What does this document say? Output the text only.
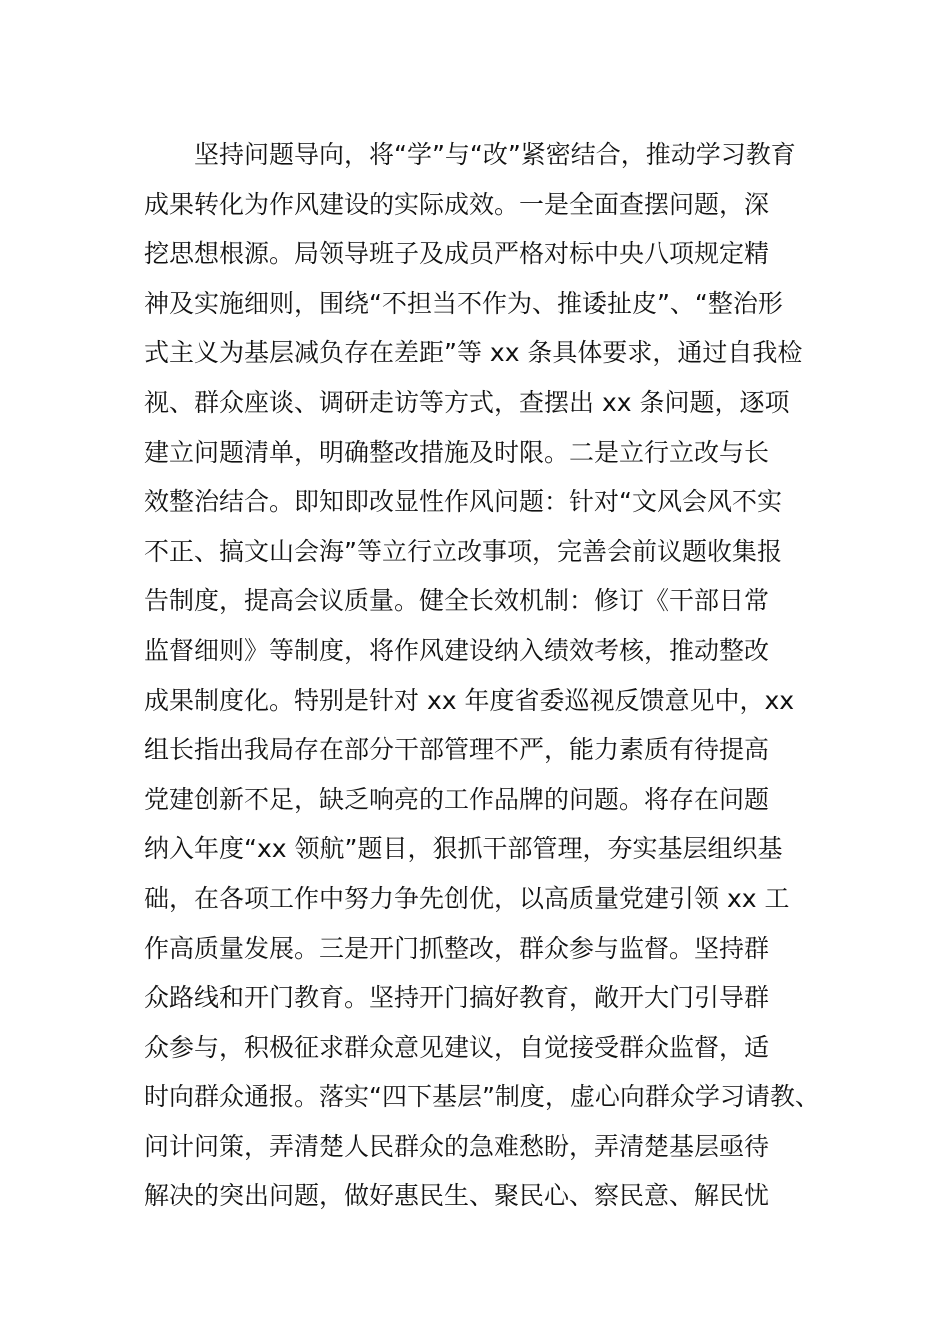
坚持问题导向，将“学”与“改”紧密结合，推动学习教育
成果转化为作风建设的实际成效。一是全面查摆问题，深
挖思想根源。局领导班子及成员严格对标中央八项规定精
神及实施细则，围绕“不担当不作为、推诿扯皮”、“整治形
式主义为基层减负存在差距”等 xx 条具体要求，通过自我检
视、群众座谈、调研走访等方式，查摆出 xx 条问题，逐项
建立问题清单，明确整改措施及时限。二是立行立改与长
效整治结合。即知即改显性作风问题：针对“文风会风不实
不正、搞文山会海”等立行立改事项，完善会前议题收集报
告制度，提高会议质量。健全长效机制：修订《干部日常
监督细则》等制度，将作风建设纳入绩效考核，推动整改
成果制度化。特别是针对 xx 年度省委巡视反馈意见中，xx
组长指出我局存在部分干部管理不严，能力素质有待提高
党建创新不足，缺乏响亮的工作品牌的问题。将存在问题
纳入年度“xx 领航”题目，狠抓干部管理，夯实基层组织基
础，在各项工作中努力争先创优，以高质量党建引领 xx 工
作高质量发展。三是开门抓整改，群众参与监督。坚持群
众路线和开门教育。坚持开门搞好教育，敞开大门引导群
众参与，积极征求群众意见建议，自觉接受群众监督，适
时向群众通报。落实“四下基层”制度，虚心向群众学习请教、
问计问策，弄清楚人民群众的急难愁盼，弄清楚基层亟待
解决的突出问题，做好惠民生、聚民心、察民意、解民忧
